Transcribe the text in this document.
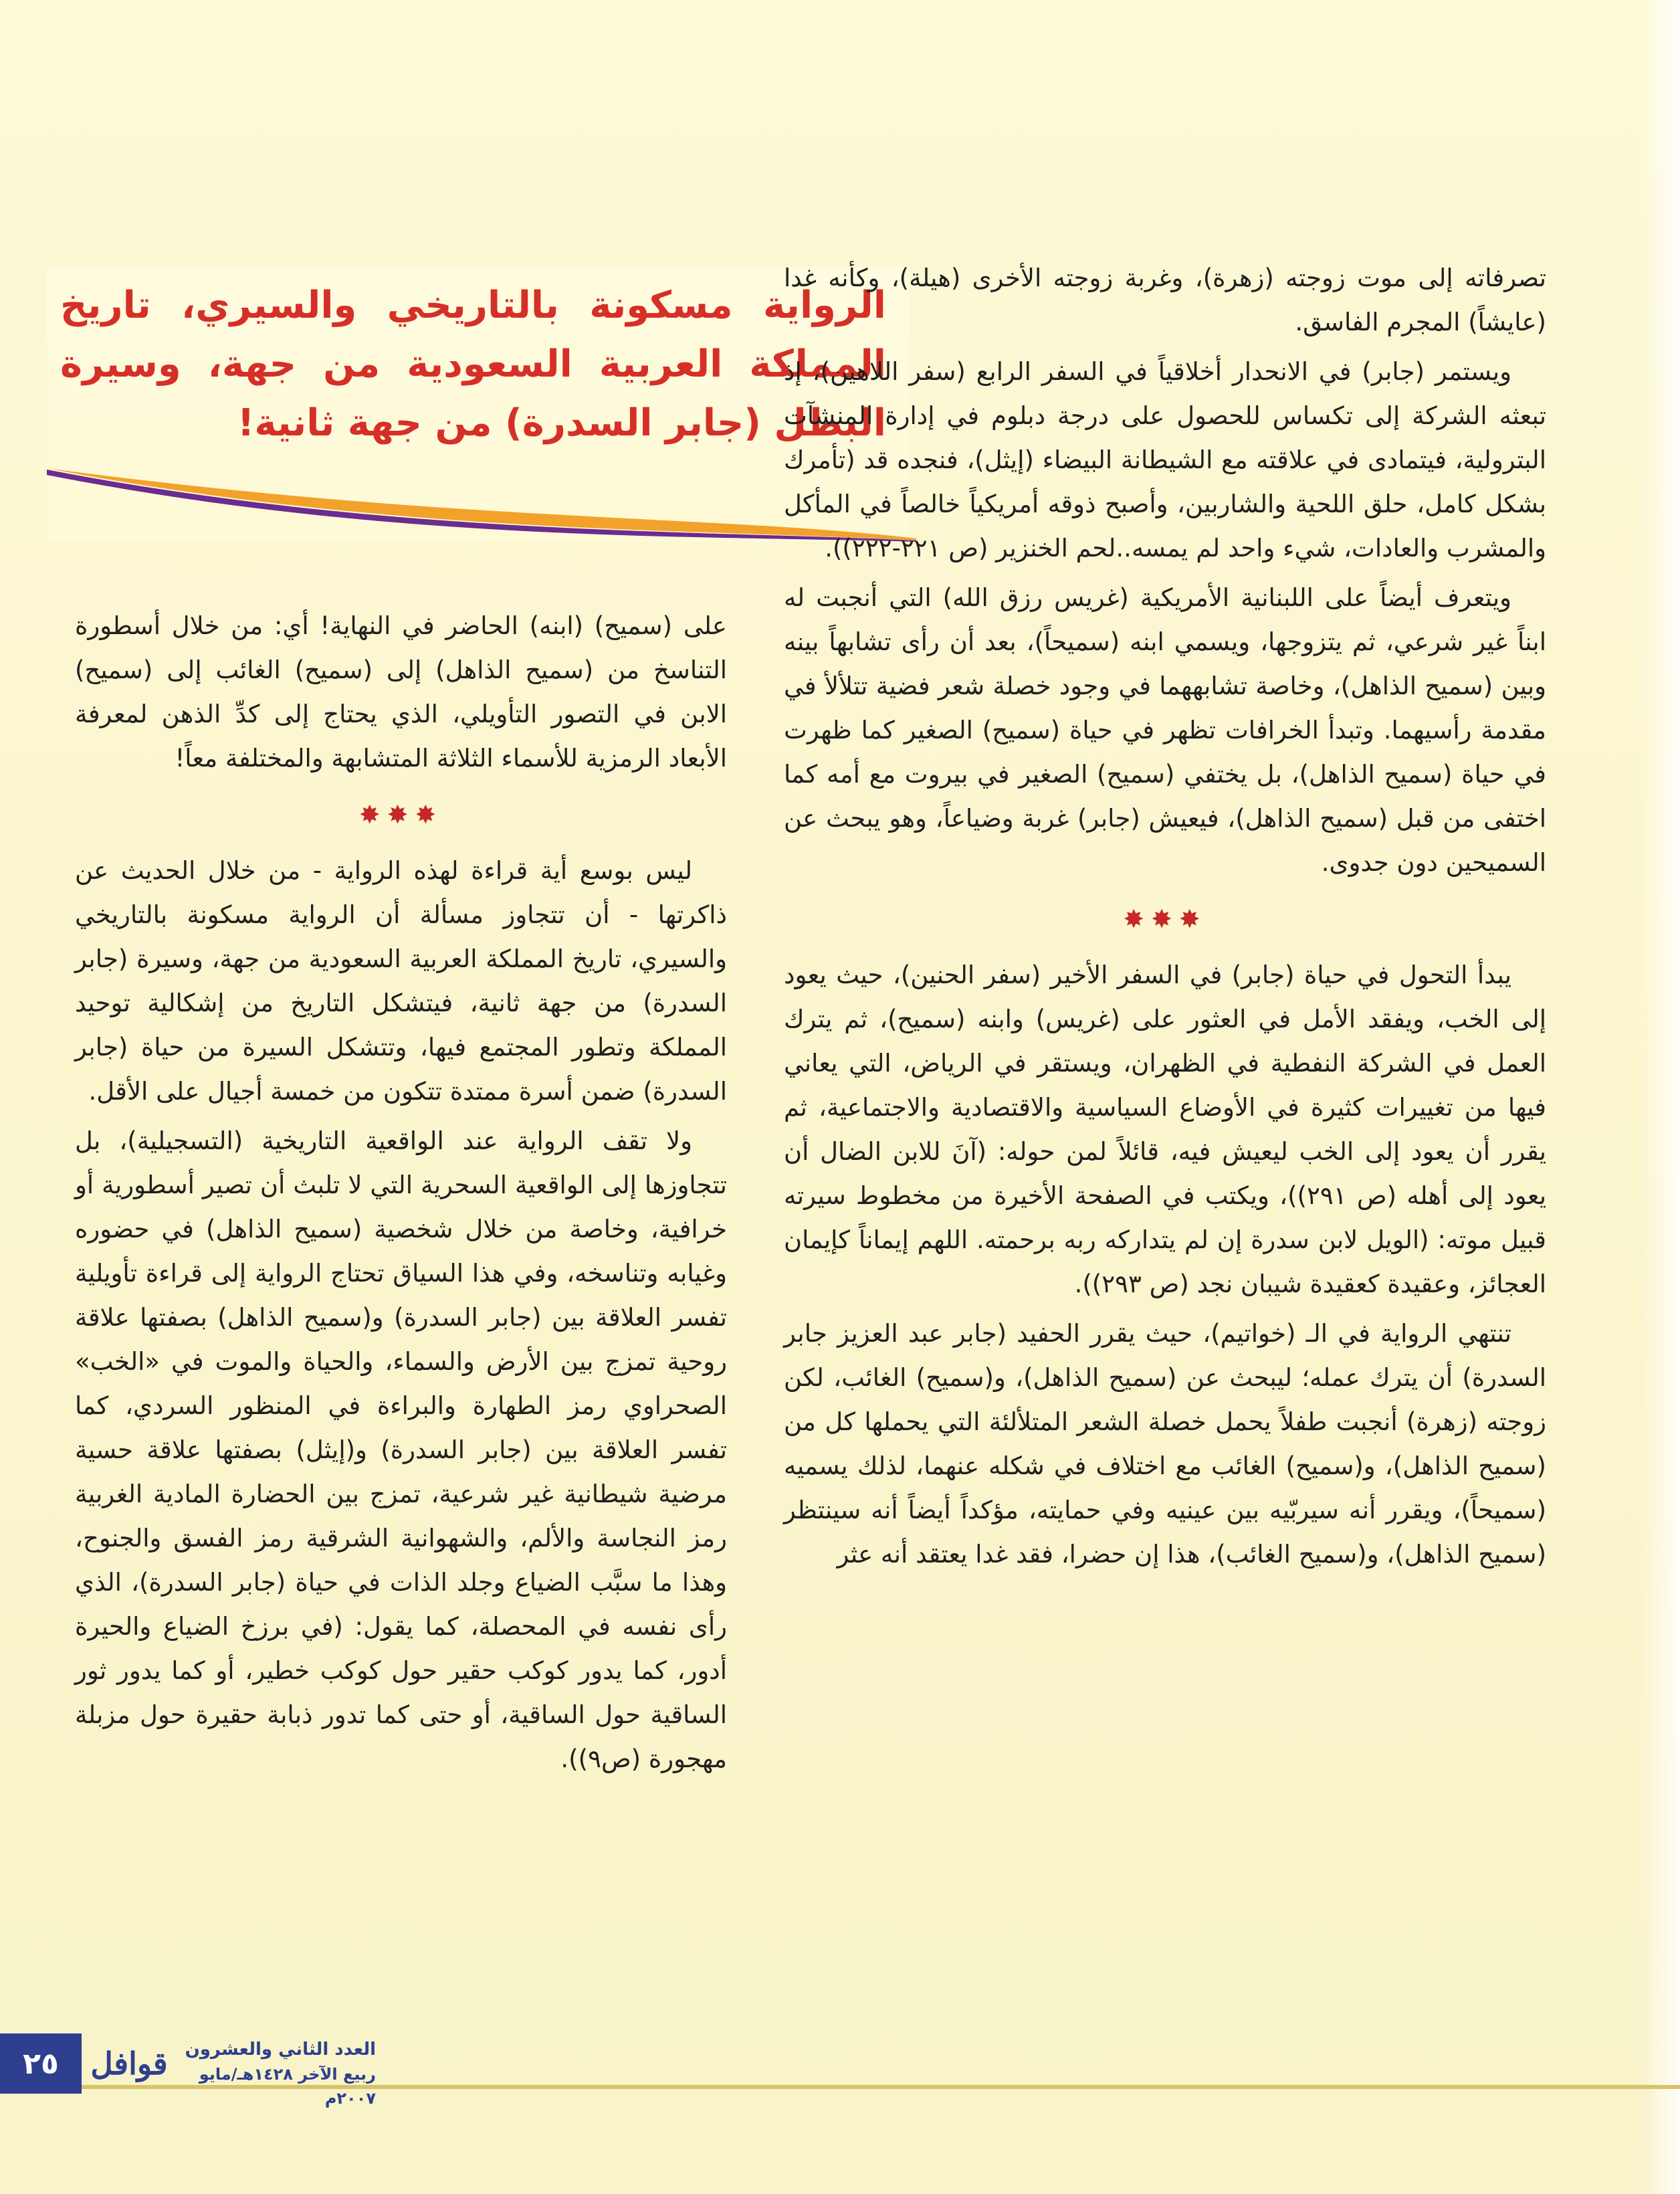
الرواية مسكونة بالتاريخي والسيري، تاريخ المملكة العربية السعودية من جهة، وسيرة البطل (جابر السدرة) من جهة ثانية!

تصرفاته إلى موت زوجته (زهرة)، وغربة زوجته الأخرى (هيلة)، وكأنه غدا (عايشاً) المجرم الفاسق.

ويستمر (جابر) في الانحدار أخلاقياً في السفر الرابع (سفر اللاهين)، إذ تبعثه الشركة إلى تكساس للحصول على درجة دبلوم في إدارة المنشآت البترولية، فيتمادى في علاقته مع الشيطانة البيضاء (إيثل)، فنجده قد (تأمرك بشكل كامل، حلق اللحية والشاربين، وأصبح ذوقه أمريكياً خالصاً في المأكل والمشرب والعادات، شيء واحد لم يمسه..لحم الخنزير (ص ٢٢١-٢٢٢)).

ويتعرف أيضاً على اللبنانية الأمريكية (غريس رزق الله) التي أنجبت له ابناً غير شرعي، ثم يتزوجها، ويسمي ابنه (سميحاً)، بعد أن رأى تشابهاً بينه وبين (سميح الذاهل)، وخاصة تشابههما في وجود خصلة شعر فضية تتلألأ في مقدمة رأسيهما. وتبدأ الخرافات تظهر في حياة (سميح) الصغير كما ظهرت في حياة (سميح الذاهل)، بل يختفي (سميح) الصغير في بيروت مع أمه كما اختفى من قبل (سميح الذاهل)، فيعيش (جابر) غربة وضياعاً، وهو يبحث عن السميحين دون جدوى.

✸✸✸

يبدأ التحول في حياة (جابر) في السفر الأخير (سفر الحنين)، حيث يعود إلى الخب، ويفقد الأمل في العثور على (غريس) وابنه (سميح)، ثم يترك العمل في الشركة النفطية في الظهران، ويستقر في الرياض، التي يعاني فيها من تغييرات كثيرة في الأوضاع السياسية والاقتصادية والاجتماعية، ثم يقرر أن يعود إلى الخب ليعيش فيه، قائلاً لمن حوله: (آنَ للابن الضال أن يعود إلى أهله (ص ٢٩١))، ويكتب في الصفحة الأخيرة من مخطوط سيرته قبيل موته: (الويل لابن سدرة إن لم يتداركه ربه برحمته. اللهم إيماناً كإيمان العجائز، وعقيدة كعقيدة شيبان نجد (ص ٢٩٣)).

تنتهي الرواية في الـ (خواتيم)، حيث يقرر الحفيد (جابر عبد العزيز جابر السدرة) أن يترك عمله؛ ليبحث عن (سميح الذاهل)، و(سميح) الغائب، لكن زوجته (زهرة) أنجبت طفلاً يحمل خصلة الشعر المتلألئة التي يحملها كل من (سميح الذاهل)، و(سميح) الغائب مع اختلاف في شكله عنهما، لذلك يسميه (سميحاً)، ويقرر أنه سيربّيه بين عينيه وفي حمايته، مؤكداً أيضاً أنه سينتظر (سميح الذاهل)، و(سميح الغائب)، هذا إن حضرا، فقد غدا يعتقد أنه عثر

على (سميح) (ابنه) الحاضر في النهاية! أي: من خلال أسطورة التناسخ من (سميح الذاهل) إلى (سميح) الغائب إلى (سميح) الابن في التصور التأويلي، الذي يحتاج إلى كدِّ الذهن لمعرفة الأبعاد الرمزية للأسماء الثلاثة المتشابهة والمختلفة معاً!

✸✸✸

ليس بوسع أية قراءة لهذه الرواية - من خلال الحديث عن ذاكرتها - أن تتجاوز مسألة أن الرواية مسكونة بالتاريخي والسيري، تاريخ المملكة العربية السعودية من جهة، وسيرة (جابر السدرة) من جهة ثانية، فيتشكل التاريخ من إشكالية توحيد المملكة وتطور المجتمع فيها، وتتشكل السيرة من حياة (جابر السدرة) ضمن أسرة ممتدة تتكون من خمسة أجيال على الأقل.

ولا تقف الرواية عند الواقعية التاريخية (التسجيلية)، بل تتجاوزها إلى الواقعية السحرية التي لا تلبث أن تصير أسطورية أو خرافية، وخاصة من خلال شخصية (سميح الذاهل) في حضوره وغيابه وتناسخه، وفي هذا السياق تحتاج الرواية إلى قراءة تأويلية تفسر العلاقة بين (جابر السدرة) و(سميح الذاهل) بصفتها علاقة روحية تمزج بين الأرض والسماء، والحياة والموت في «الخب» الصحراوي رمز الطهارة والبراءة في المنظور السردي، كما تفسر العلاقة بين (جابر السدرة) و(إيثل) بصفتها علاقة حسية مرضية شيطانية غير شرعية، تمزج بين الحضارة المادية الغربية رمز النجاسة والألم، والشهوانية الشرقية رمز الفسق والجنوح، وهذا ما سبَّب الضياع وجلد الذات في حياة (جابر السدرة)، الذي رأى نفسه في المحصلة، كما يقول: (في برزخ الضياع والحيرة أدور، كما يدور كوكب حقير حول كوكب خطير، أو كما يدور ثور الساقية حول الساقية، أو حتى كما تدور ذبابة حقيرة حول مزبلة مهجورة (ص٩)).

٢٥	قوافل العدد الثاني والعشرون
ربيع الآخر ١٤٢٨هـ/مايو ٢٠٠٧م
